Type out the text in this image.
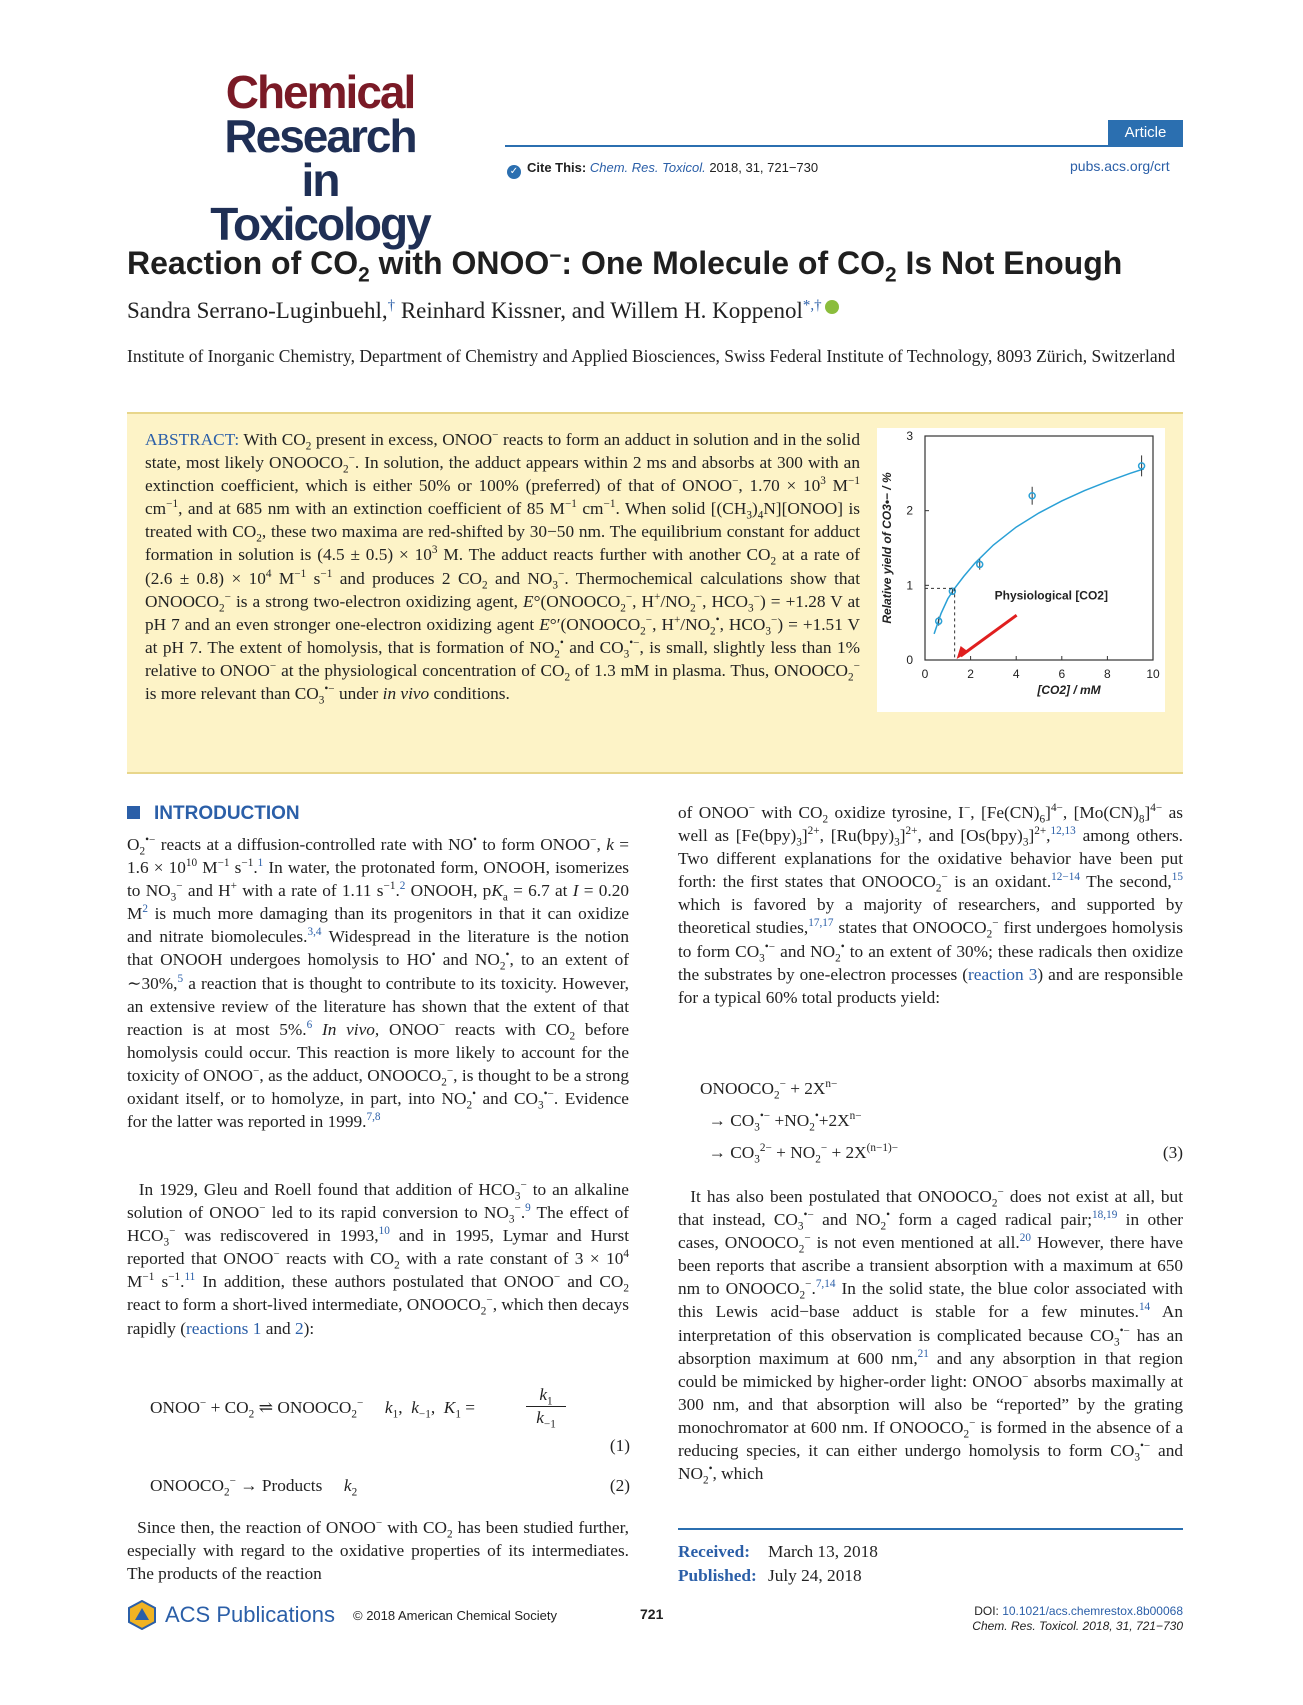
Chemical
Research in
Toxicology
Article
✓ Cite This: Chem. Res. Toxicol. 2018, 31, 721−730	pubs.acs.org/crt
Reaction of $CO_2$ with ONOO−: One Molecule of $CO_2$ Is Not Enough
Sandra Serrano-Luginbuehl,† Reinhard Kissner, and Willem H. Koppenol*,†
Institute of Inorganic Chemistry, Department of Chemistry and Applied Biosciences, Swiss Federal Institute of Technology, 8093 Zürich, Switzerland
ABSTRACT: With $CO_2$ present in excess, ONOO− reacts to form an adduct in solution and in the solid state, most likely $ONOOCO_2^-$. In solution, the adduct appears within 2 ms and absorbs at 300 with an extinction coefficient, which is either 50% or 100% (preferred) of that of ONOO−, $1.70 \times 10^3$ $M^{-1}$ $cm^{-1}$, and at 685 nm with an extinction coefficient of 85 $M^{-1}$ $cm^{-1}$. When solid $[(CH_3)_4N][ONOO]$ is treated with $CO_2$, these two maxima are red-shifted by 30−50 nm. The equilibrium constant for adduct formation in solution is $(4.5 \pm 0.5) \times 10^3$ M. The adduct reacts further with another $CO_2$ at a rate of $(2.6 \pm 0.8) \times 10^4$ $M^{-1}$ $s^{-1}$ and produces 2 $CO_2$ and $NO_3^-$. Thermochemical calculations show that $ONOOCO_2^-$ is a strong two-electron oxidizing agent, $E^\circ(ONOOCO_2^-$, $H^+/NO_2^-$, $HCO_3^-) = +1.28$ V at pH 7 and an even stronger one-electron oxidizing agent $E^\circ'(ONOOCO_2^-$, $H^+/NO_2^•$, $HCO_3^-) = +1.51$ V at pH 7. The extent of homolysis, that is formation of $NO_2^•$ and $CO_3^{•-}$, is small, slightly less than 1% relative to ONOO− at the physiological concentration of $CO_2$ of 1.3 mM in plasma. Thus, $ONOOCO_2^-$ is more relevant than $CO_3^{•-}$ under in vivo conditions.
0	2	4	6	8	10
0
1
2
3
[CO2] / mM
Relative yield of CO3•− / %	Physiological [CO2]
INTRODUCTION
$O_2^{•-}$ reacts at a diffusion-controlled rate with NO• to form ONOO−, $k = 1.6 \times 10^{10}$ $M^{-1}$ $s^{-1}.^1$ In water, the protonated form, ONOOH, isomerizes to $NO_3^-$ and H+ with a rate of 1.11 $s^{-1}.^2$ ONOOH, $pK_a = 6.7$ at I = 0.20 $M^2$ is much more damaging than its progenitors in that it can oxidize and nitrate biomolecules.$^{3,4}$ Widespread in the literature is the notion that ONOOH undergoes homolysis to HO• and $NO_2^•$, to an extent of ∼30%,$^5$ a reaction that is thought to contribute to its toxicity. However, an extensive review of the literature has shown that the extent of that reaction is at most 5%.$^6$ In vivo, ONOO− reacts with $CO_2$ before homolysis could occur. This reaction is more likely to account for the toxicity of ONOO−, as the adduct, $ONOOCO_2^-$, is thought to be a strong oxidant itself, or to homolyze, in part, into $NO_2^•$ and $CO_3^{•-}$. Evidence for the latter was reported in 1999.$^{7,8}$
In 1929, Gleu and Roell found that addition of $HCO_3^-$ to an alkaline solution of ONOO− led to its rapid conversion to $NO_3^-.^9$ The effect of $HCO_3^-$ was rediscovered in 1993,10 and in 1995, Lymar and Hurst reported that ONOO− reacts with $CO_2$ with a rate constant of $3 \times 10^4$ $M^{-1}$ $s^{-1}.^{11}$ In addition, these authors postulated that ONOO− and $CO_2$ react to form a short-lived intermediate, $ONOOCO_2^-$, which then decays rapidly (reactions 1 and 2):
ONOO− + $CO_2$ ⇌ $ONOOCO_2^-$ $k_1$,  $k_{-1}$,  $K_1$ =
$k_1$
$k_{-1}$
(1)
$ONOOCO_2^-$ → Products     $k_2$	(2)
Since then, the reaction of ONOO− with $CO_2$ has been studied further, especially with regard to the oxidative properties of its intermediates. The products of the reaction
of ONOO− with $CO_2$ oxidize tyrosine, I−, $[Fe(CN)_6]^{4-}$, $[Mo(CN)_8]^{4-}$ as well as $[Fe(bpy)_3]^{2+}$, $[Ru(bpy)_3]^{2+}$, and $[Os(bpy)_3]^{2+},^{12,13}$ among others. Two different explanations for the oxidative behavior have been put forth: the first states that $ONOOCO_2^-$ is an oxidant.$^{12-14}$ The second,$^{15}$ which is favored by a majority of researchers, and supported by theoretical studies,$^{17,17}$ states that $ONOOCO_2^-$ first undergoes homolysis to form $CO_3^{•-}$ and $NO_2^•$ to an extent of 30%; these radicals then oxidize the substrates by one-electron processes (reaction 3) and are responsible for a typical 60% total products yield:
$ONOOCO_2^- + 2X^{n-}$
→ $CO_3^{•-} +NO_2^•+2X^{n-}$
→ $CO_3^{2-} + NO_2^- + 2X^{(n-1)-}$	(3)
It has also been postulated that $ONOOCO_2^-$ does not exist at all, but that instead, $CO_3^{•-}$ and $NO_2^•$ form a caged radical pair;$^{18,19}$ in other cases, $ONOOCO_2^-$ is not even mentioned at all.$^{20}$ However, there have been reports that ascribe a transient absorption with a maximum at 650 nm to $ONOOCO_2^-.^{7,14}$ In the solid state, the blue color associated with this Lewis acid−base adduct is stable for a few minutes.$^{14}$ An interpretation of this observation is complicated because $CO_3^{•-}$ has an absorption maximum at 600 nm,$^{21}$ and any absorption in that region could be mimicked by higher-order light: ONOO− absorbs maximally at 300 nm, and that absorption will also be “reported” by the grating monochromator at 600 nm. If $ONOOCO_2^-$ is formed in the absence of a reducing species, it can either undergo homolysis to form $CO_3^{•-}$ and $NO_2^•$, which
Received: March 13, 2018
Published: July 24, 2018
ACS Publications © 2018 American Chemical Society	721	DOI: 10.1021/acs.chemrestox.8b00068
Chem. Res. Toxicol. 2018, 31, 721−730
